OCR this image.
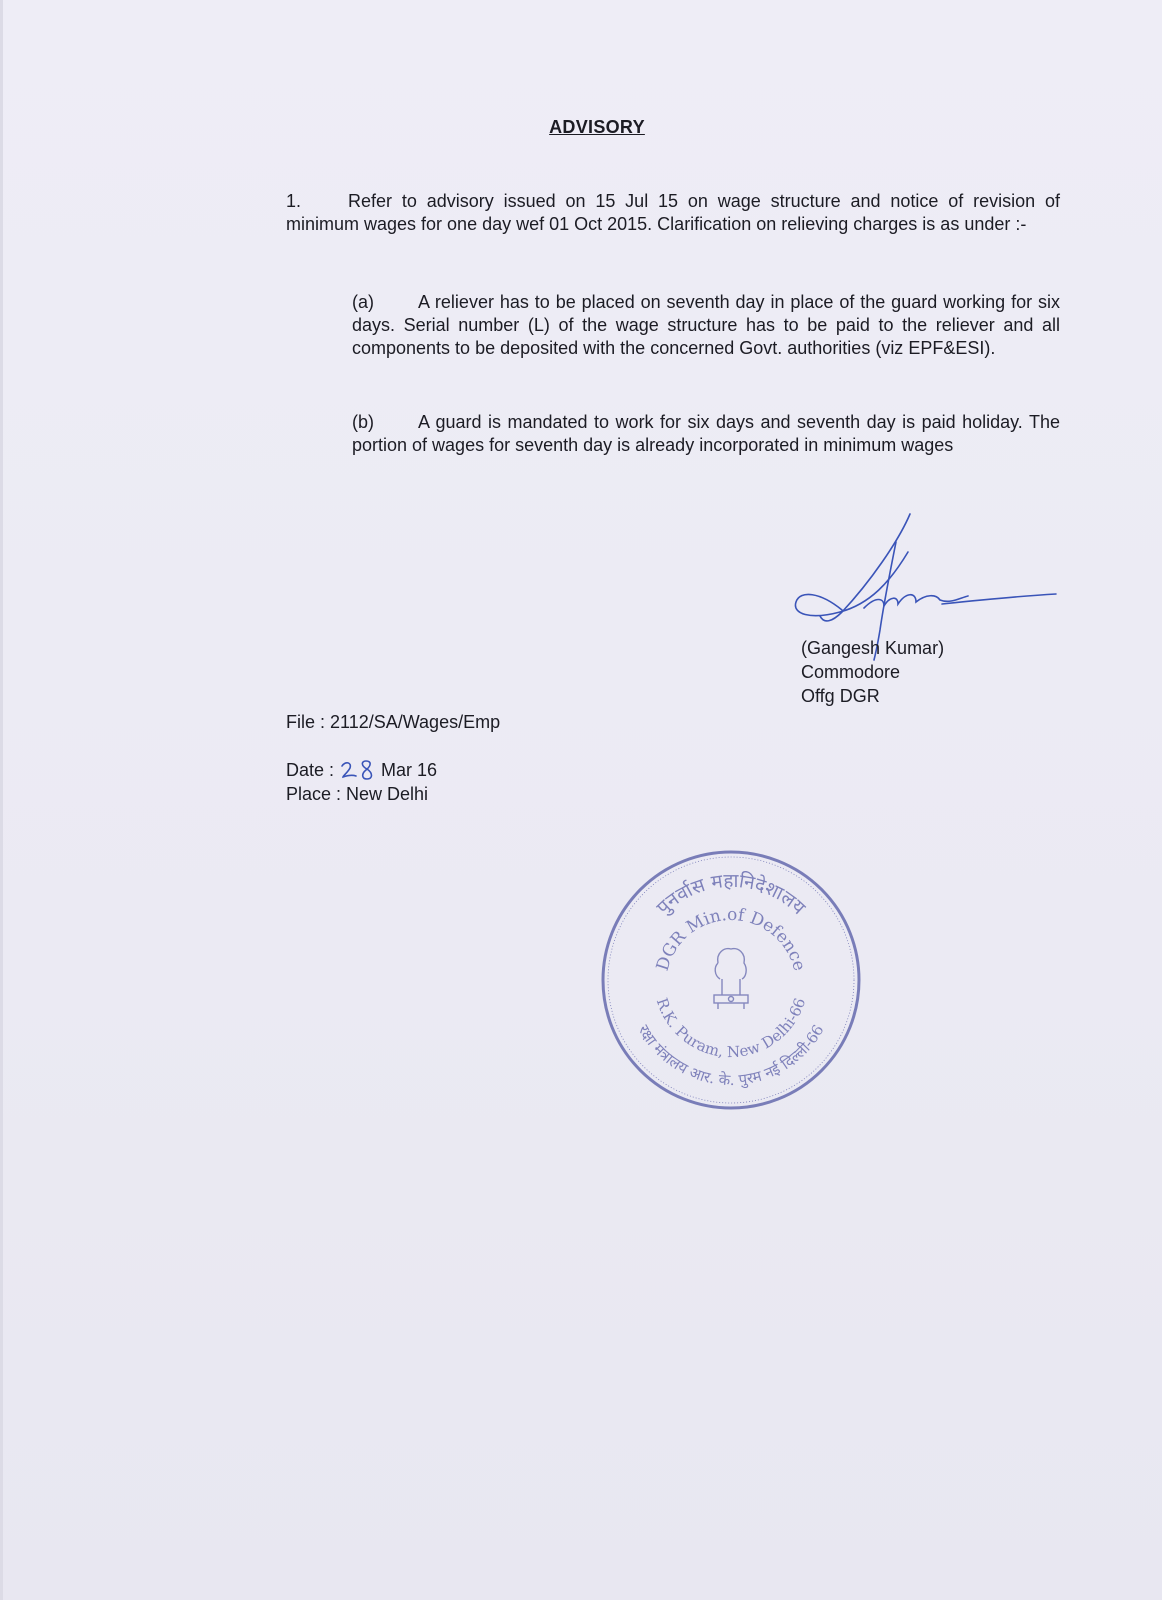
ADVISORY

1.	Refer to advisory issued on 15 Jul 15 on wage structure and notice of revision of minimum wages for one day wef 01 Oct 2015. Clarification on relieving charges is as under :-

(a) A reliever has to be placed on seventh day in place of the guard working for six days. Serial number (L) of the wage structure has to be paid to the reliever and all components to be deposited with the concerned Govt. authorities (viz EPF&ESI).

(b) A guard is mandated to work for six days and seventh day is paid holiday. The portion of wages for seventh day is already incorporated in minimum wages

(Gangesh Kumar)
Commodore
Offg DGR
File : 2112/SA/Wages/Emp
Date :	Mar 16
Place : New Delhi
पुनर्वास महानिदेशालय
DGR Min.of Defence
रक्षा मंत्रालय आर. के. पुरम नई दिल्ली-66
R.K. Puram, New Delhi-66
